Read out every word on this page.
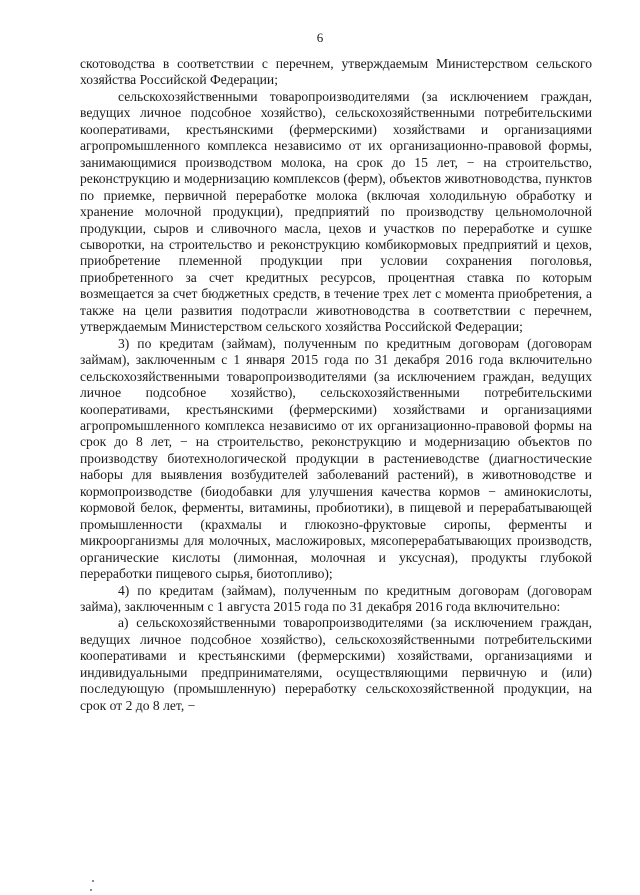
6

скотоводства в соответствии с перечнем, утверждаемым Министерством сельского хозяйства Российской Федерации;

сельскохозяйственными товаропроизводителями (за исключением граждан, ведущих личное подсобное хозяйство), сельскохозяйственными потребительскими кооперативами, крестьянскими (фермерскими) хозяйствами и организациями агропромышленного комплекса независимо от их организационно-правовой формы, занимающимися производством молока, на срок до 15 лет, − на строительство, реконструкцию и модернизацию комплексов (ферм), объектов животноводства, пунктов по приемке, первичной переработке молока (включая холодильную обработку и хранение молочной продукции), предприятий по производству цельномолочной продукции, сыров и сливочного масла, цехов и участков по переработке и сушке сыворотки, на строительство и реконструкцию комбикормовых предприятий и цехов, приобретение племенной продукции при условии сохранения поголовья, приобретенного за счет кредитных ресурсов, процентная ставка по которым возмещается за счет бюджетных средств, в течение трех лет с момента приобретения, а также на цели развития подотрасли животноводства в соответствии с перечнем, утверждаемым Министерством сельского хозяйства Российской Федерации;

3) по кредитам (займам), полученным по кредитным договорам (договорам займам), заключенным с 1 января 2015 года по 31 декабря 2016 года включительно сельскохозяйственными товаропроизводителями (за исключением граждан, ведущих личное подсобное хозяйство), сельскохозяйственными потребительскими кооперативами, крестьянскими (фермерскими) хозяйствами и организациями агропромышленного комплекса независимо от их организационно-правовой формы на срок до 8 лет, − на строительство, реконструкцию и модернизацию объектов по производству биотехнологической продукции в растениеводстве (диагностические наборы для выявления возбудителей заболеваний растений), в животноводстве и кормопроизводстве (биодобавки для улучшения качества кормов − аминокислоты, кормовой белок, ферменты, витамины, пробиотики), в пищевой и перерабатывающей промышленности (крахмалы и глюкозно-фруктовые сиропы, ферменты и микроорганизмы для молочных, масложировых, мясоперерабатывающих производств, органические кислоты (лимонная, молочная и уксусная), продукты глубокой переработки пищевого сырья, биотопливо);

4) по кредитам (займам), полученным по кредитным договорам (договорам займа), заключенным с 1 августа 2015 года по 31 декабря 2016 года включительно:

а) сельскохозяйственными товаропроизводителями (за исключением граждан, ведущих личное подсобное хозяйство), сельскохозяйственными потребительскими кооперативами и крестьянскими (фермерскими) хозяйствами, организациями и индивидуальными предпринимателями, осуществляющими первичную и (или) последующую (промышленную) переработку сельскохозяйственной продукции, на срок от 2 до 8 лет, −
